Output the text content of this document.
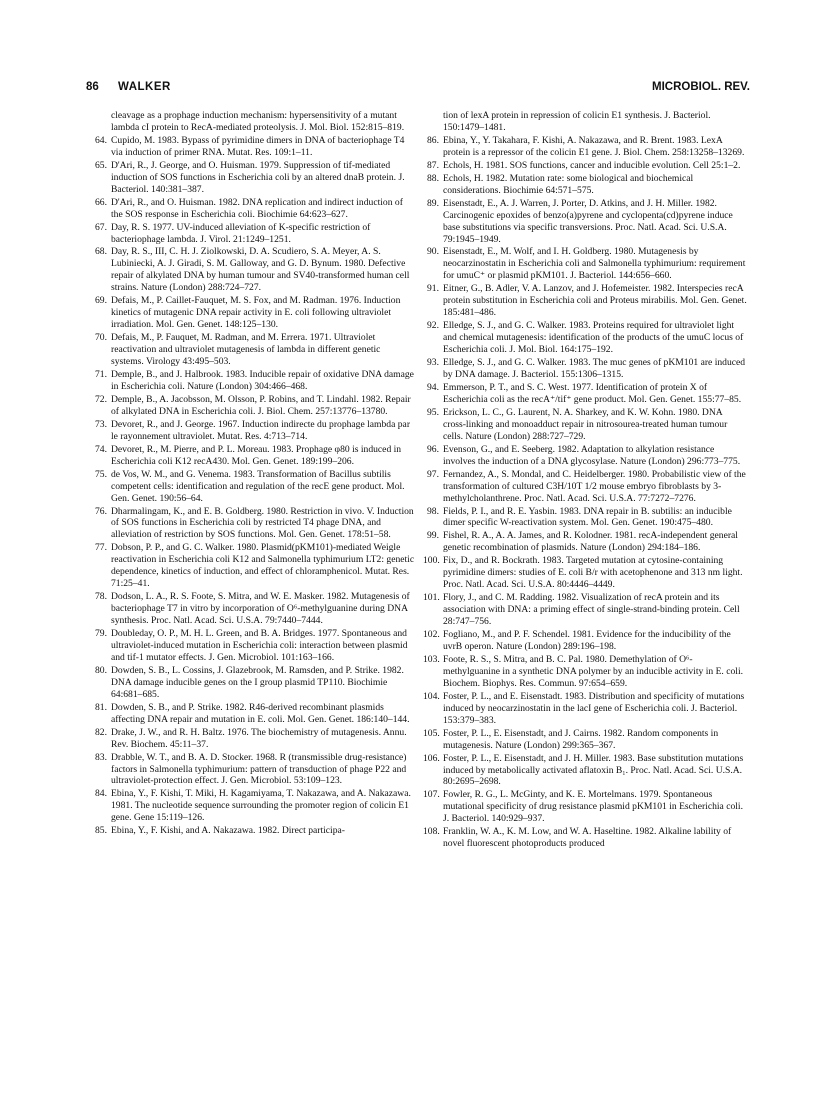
86 WALKER	MICROBIOL. REV.
cleavage as a prophage induction mechanism: hypersensitivity of a mutant lambda cI protein to RecA-mediated proteolysis. J. Mol. Biol. 152:815–819.
64. Cupido, M. 1983. Bypass of pyrimidine dimers in DNA of bacteriophage T4 via induction of primer RNA. Mutat. Res. 109:1–11.
65. D'Ari, R., J. George, and O. Huisman. 1979. Suppression of tif-mediated induction of SOS functions in Escherichia coli by an altered dnaB protein. J. Bacteriol. 140:381–387.
66. D'Ari, R., and O. Huisman. 1982. DNA replication and indirect induction of the SOS response in Escherichia coli. Biochimie 64:623–627.
67. Day, R. S. 1977. UV-induced alleviation of K-specific restriction of bacteriophage lambda. J. Virol. 21:1249–1251.
68. Day, R. S., III, C. H. J. Ziolkowski, D. A. Scudiero, S. A. Meyer, A. S. Lubiniecki, A. J. Giradi, S. M. Galloway, and G. D. Bynum. 1980. Defective repair of alkylated DNA by human tumour and SV40-transformed human cell strains. Nature (London) 288:724–727.
69. Defais, M., P. Caillet-Fauquet, M. S. Fox, and M. Radman. 1976. Induction kinetics of mutagenic DNA repair activity in E. coli following ultraviolet irradiation. Mol. Gen. Genet. 148:125–130.
70. Defais, M., P. Fauquet, M. Radman, and M. Errera. 1971. Ultraviolet reactivation and ultraviolet mutagenesis of lambda in different genetic systems. Virology 43:495–503.
71. Demple, B., and J. Halbrook. 1983. Inducible repair of oxidative DNA damage in Escherichia coli. Nature (London) 304:466–468.
72. Demple, B., A. Jacobsson, M. Olsson, P. Robins, and T. Lindahl. 1982. Repair of alkylated DNA in Escherichia coli. J. Biol. Chem. 257:13776–13780.
73. Devoret, R., and J. George. 1967. Induction indirecte du prophage lambda par le rayonnement ultraviolet. Mutat. Res. 4:713–714.
74. Devoret, R., M. Pierre, and P. L. Moreau. 1983. Prophage φ80 is induced in Escherichia coli K12 recA430. Mol. Gen. Genet. 189:199–206.
75. de Vos, W. M., and G. Venema. 1983. Transformation of Bacillus subtilis competent cells: identification and regulation of the recE gene product. Mol. Gen. Genet. 190:56–64.
76. Dharmalingam, K., and E. B. Goldberg. 1980. Restriction in vivo. V. Induction of SOS functions in Escherichia coli by restricted T4 phage DNA, and alleviation of restriction by SOS functions. Mol. Gen. Genet. 178:51–58.
77. Dobson, P. P., and G. C. Walker. 1980. Plasmid(pKM101)-mediated Weigle reactivation in Escherichia coli K12 and Salmonella typhimurium LT2: genetic dependence, kinetics of induction, and effect of chloramphenicol. Mutat. Res. 71:25–41.
78. Dodson, L. A., R. S. Foote, S. Mitra, and W. E. Masker. 1982. Mutagenesis of bacteriophage T7 in vitro by incorporation of O⁶-methylguanine during DNA synthesis. Proc. Natl. Acad. Sci. U.S.A. 79:7440–7444.
79. Doubleday, O. P., M. H. L. Green, and B. A. Bridges. 1977. Spontaneous and ultraviolet-induced mutation in Escherichia coli: interaction between plasmid and tif-1 mutator effects. J. Gen. Microbiol. 101:163–166.
80. Dowden, S. B., L. Cossins, J. Glazebrook, M. Ramsden, and P. Strike. 1982. DNA damage inducible genes on the I group plasmid TP110. Biochimie 64:681–685.
81. Dowden, S. B., and P. Strike. 1982. R46-derived recombinant plasmids affecting DNA repair and mutation in E. coli. Mol. Gen. Genet. 186:140–144.
82. Drake, J. W., and R. H. Baltz. 1976. The biochemistry of mutagenesis. Annu. Rev. Biochem. 45:11–37.
83. Drabble, W. T., and B. A. D. Stocker. 1968. R (transmissible drug-resistance) factors in Salmonella typhimurium: pattern of transduction of phage P22 and ultraviolet-protection effect. J. Gen. Microbiol. 53:109–123.
84. Ebina, Y., F. Kishi, T. Miki, H. Kagamiyama, T. Nakazawa, and A. Nakazawa. 1981. The nucleotide sequence surrounding the promoter region of colicin E1 gene. Gene 15:119–126.
85. Ebina, Y., F. Kishi, and A. Nakazawa. 1982. Direct participa-
tion of lexA protein in repression of colicin E1 synthesis. J. Bacteriol. 150:1479–1481.
86. Ebina, Y., Y. Takahara, F. Kishi, A. Nakazawa, and R. Brent. 1983. LexA protein is a repressor of the colicin E1 gene. J. Biol. Chem. 258:13258–13269.
87. Echols, H. 1981. SOS functions, cancer and inducible evolution. Cell 25:1–2.
88. Echols, H. 1982. Mutation rate: some biological and biochemical considerations. Biochimie 64:571–575.
89. Eisenstadt, E., A. J. Warren, J. Porter, D. Atkins, and J. H. Miller. 1982. Carcinogenic epoxides of benzo(a)pyrene and cyclopenta(cd)pyrene induce base substitutions via specific transversions. Proc. Natl. Acad. Sci. U.S.A. 79:1945–1949.
90. Eisenstadt, E., M. Wolf, and I. H. Goldberg. 1980. Mutagenesis by neocarzinostatin in Escherichia coli and Salmonella typhimurium: requirement for umuC⁺ or plasmid pKM101. J. Bacteriol. 144:656–660.
91. Eitner, G., B. Adler, V. A. Lanzov, and J. Hofemeister. 1982. Interspecies recA protein substitution in Escherichia coli and Proteus mirabilis. Mol. Gen. Genet. 185:481–486.
92. Elledge, S. J., and G. C. Walker. 1983. Proteins required for ultraviolet light and chemical mutagenesis: identification of the products of the umuC locus of Escherichia coli. J. Mol. Biol. 164:175–192.
93. Elledge, S. J., and G. C. Walker. 1983. The muc genes of pKM101 are induced by DNA damage. J. Bacteriol. 155:1306–1315.
94. Emmerson, P. T., and S. C. West. 1977. Identification of protein X of Escherichia coli as the recA⁺/tif⁺ gene product. Mol. Gen. Genet. 155:77–85.
95. Erickson, L. C., G. Laurent, N. A. Sharkey, and K. W. Kohn. 1980. DNA cross-linking and monoadduct repair in nitrosourea-treated human tumour cells. Nature (London) 288:727–729.
96. Evenson, G., and E. Seeberg. 1982. Adaptation to alkylation resistance involves the induction of a DNA glycosylase. Nature (London) 296:773–775.
97. Fernandez, A., S. Mondal, and C. Heidelberger. 1980. Probabilistic view of the transformation of cultured C3H/10T 1/2 mouse embryo fibroblasts by 3-methylcholanthrene. Proc. Natl. Acad. Sci. U.S.A. 77:7272–7276.
98. Fields, P. I., and R. E. Yasbin. 1983. DNA repair in B. subtilis: an inducible dimer specific W-reactivation system. Mol. Gen. Genet. 190:475–480.
99. Fishel, R. A., A. A. James, and R. Kolodner. 1981. recA-independent general genetic recombination of plasmids. Nature (London) 294:184–186.
100. Fix, D., and R. Bockrath. 1983. Targeted mutation at cytosine-containing pyrimidine dimers: studies of E. coli B/r with acetophenone and 313 nm light. Proc. Natl. Acad. Sci. U.S.A. 80:4446–4449.
101. Flory, J., and C. M. Radding. 1982. Visualization of recA protein and its association with DNA: a priming effect of single-strand-binding protein. Cell 28:747–756.
102. Fogliano, M., and P. F. Schendel. 1981. Evidence for the inducibility of the uvrB operon. Nature (London) 289:196–198.
103. Foote, R. S., S. Mitra, and B. C. Pal. 1980. Demethylation of O⁶-methylguanine in a synthetic DNA polymer by an inducible activity in E. coli. Biochem. Biophys. Res. Commun. 97:654–659.
104. Foster, P. L., and E. Eisenstadt. 1983. Distribution and specificity of mutations induced by neocarzinostatin in the lacI gene of Escherichia coli. J. Bacteriol. 153:379–383.
105. Foster, P. L., E. Eisenstadt, and J. Cairns. 1982. Random components in mutagenesis. Nature (London) 299:365–367.
106. Foster, P. L., E. Eisenstadt, and J. H. Miller. 1983. Base substitution mutations induced by metabolically activated aflatoxin B₁. Proc. Natl. Acad. Sci. U.S.A. 80:2695–2698.
107. Fowler, R. G., L. McGinty, and K. E. Mortelmans. 1979. Spontaneous mutational specificity of drug resistance plasmid pKM101 in Escherichia coli. J. Bacteriol. 140:929–937.
108. Franklin, W. A., K. M. Low, and W. A. Haseltine. 1982. Alkaline lability of novel fluorescent photoproducts produced
